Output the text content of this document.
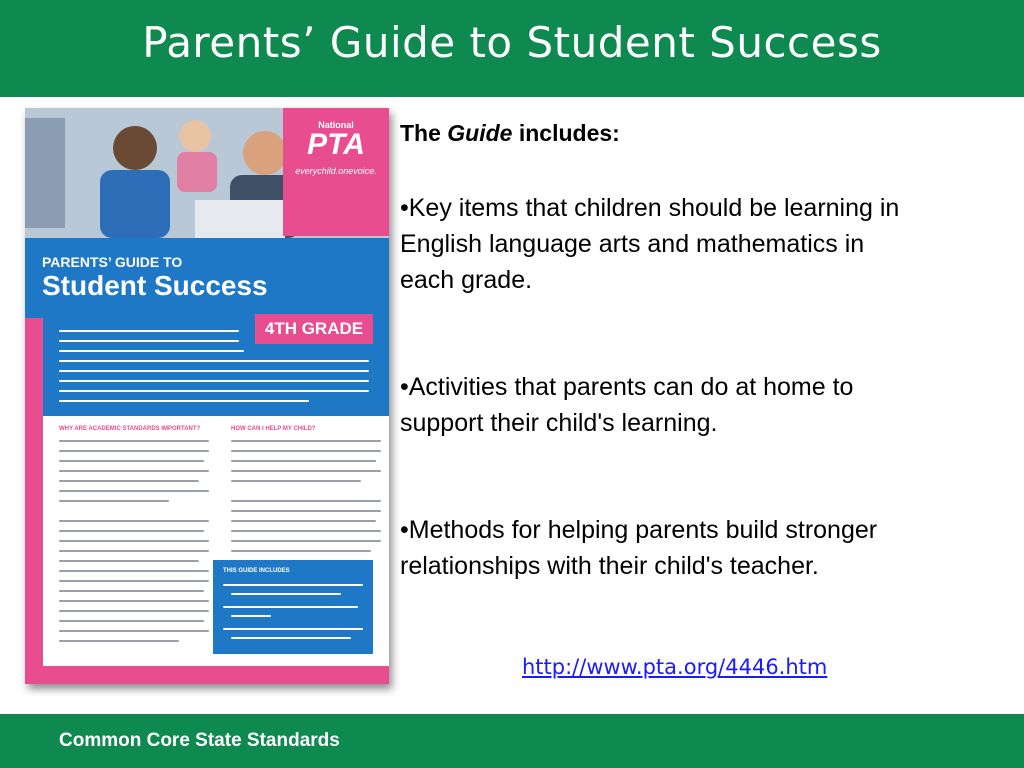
Parents’ Guide to Student Success
National
PTA
everychild.onevoice.
PARENTS’ GUIDE TO
Student Success
4TH GRADE
WHY ARE ACADEMIC STANDARDS IMPORTANT?	HOW CAN I HELP MY CHILD?
THIS GUIDE INCLUDES
The Guide includes:
•Key items that children should be learning in English language arts and mathematics in each grade.
•Activities that parents can do at home to support their child's learning.
•Methods for helping parents build stronger relationships with their child's teacher.
http://www.pta.org/4446.htm
Common Core State Standards
